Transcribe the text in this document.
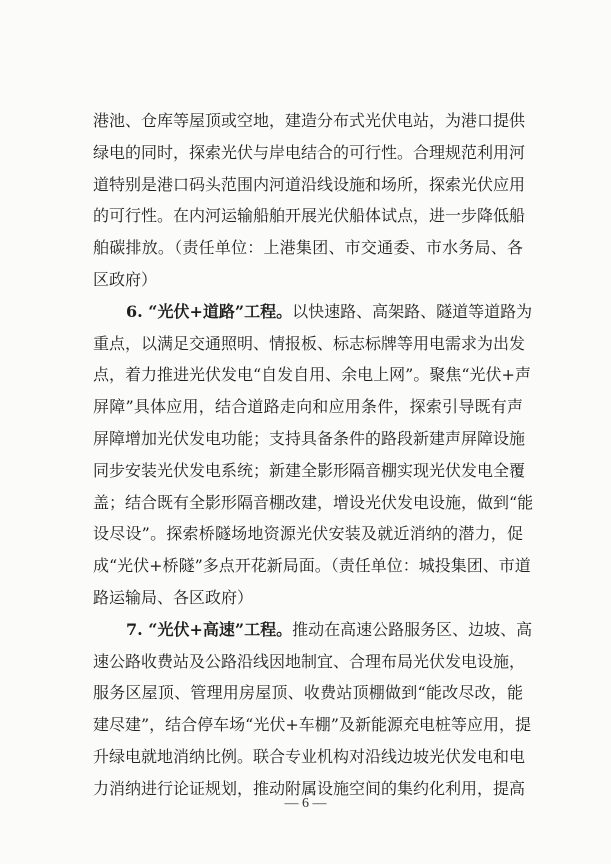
港池、仓库等屋顶或空地，建造分布式光伏电站，为港口提供
绿电的同时，探索光伏与岸电结合的可行性。合理规范利用河
道特别是港口码头范围内河道沿线设施和场所，探索光伏应用
的可行性。在内河运输船舶开展光伏船体试点，进一步降低船
舶碳排放。（责任单位：上港集团、市交通委、市水务局、各
区政府）
6. “光伏+道路”工程。以快速路、高架路、隧道等道路为
重点，以满足交通照明、情报板、标志标牌等用电需求为出发
点，着力推进光伏发电“自发自用、余电上网”。聚焦“光伏+声
屏障”具体应用，结合道路走向和应用条件，探索引导既有声
屏障增加光伏发电功能；支持具备条件的路段新建声屏障设施
同步安装光伏发电系统；新建全影形隔音棚实现光伏发电全覆
盖；结合既有全影形隔音棚改建，增设光伏发电设施，做到“能
设尽设”。探索桥隧场地资源光伏安装及就近消纳的潜力，促
成“光伏+桥隧”多点开花新局面。（责任单位：城投集团、市道
路运输局、各区政府）
7. “光伏+高速”工程。推动在高速公路服务区、边坡、高
速公路收费站及公路沿线因地制宜、合理布局光伏发电设施，
服务区屋顶、管理用房屋顶、收费站顶棚做到“能改尽改，能
建尽建”，结合停车场“光伏+车棚”及新能源充电桩等应用，提
升绿电就地消纳比例。联合专业机构对沿线边坡光伏发电和电
力消纳进行论证规划，推动附属设施空间的集约化利用，提高
— 6 —
